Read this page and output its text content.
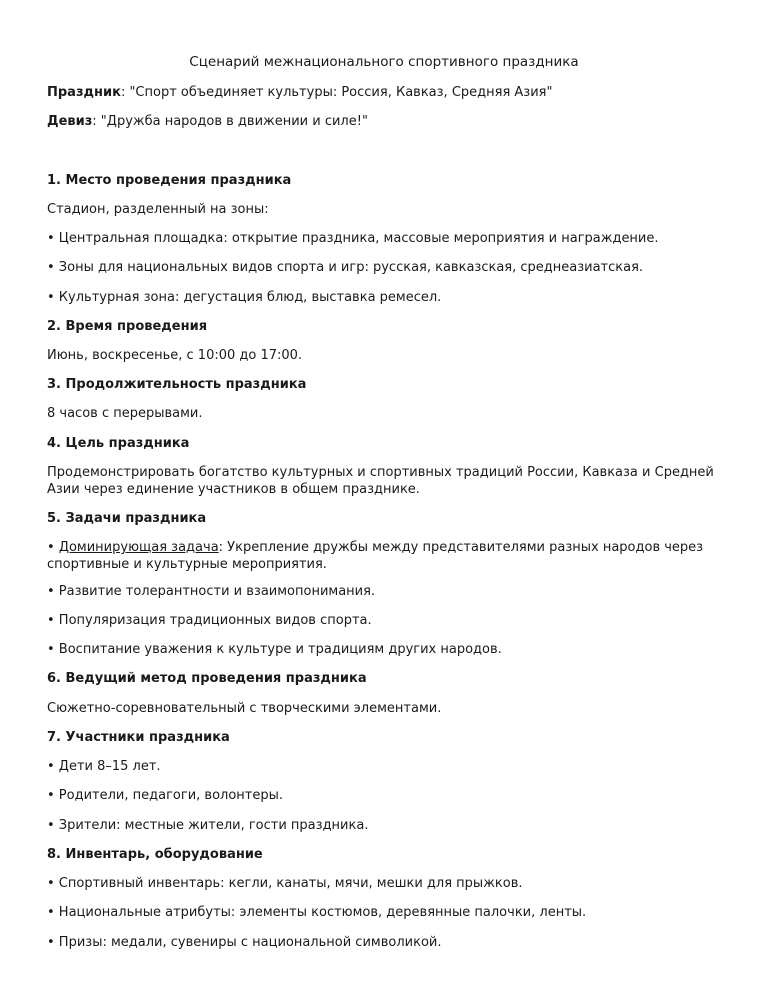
Сценарий межнационального спортивного праздника
Праздник: "Спорт объединяет культуры: Россия, Кавказ, Средняя Азия"
Девиз: "Дружба народов в движении и силе!"
1. Место проведения праздника
Стадион, разделенный на зоны:
• Центральная площадка: открытие праздника, массовые мероприятия и награждение.
• Зоны для национальных видов спорта и игр: русская, кавказская, среднеазиатская.
• Культурная зона: дегустация блюд, выставка ремесел.
2. Время проведения
Июнь, воскресенье, с 10:00 до 17:00.
3. Продолжительность праздника
8 часов с перерывами.
4. Цель праздника
Продемонстрировать богатство культурных и спортивных традиций России, Кавказа и Средней Азии через единение участников в общем празднике.
5. Задачи праздника
• Доминирующая задача: Укрепление дружбы между представителями разных народов через спортивные и культурные мероприятия.
• Развитие толерантности и взаимопонимания.
• Популяризация традиционных видов спорта.
• Воспитание уважения к культуре и традициям других народов.
6. Ведущий метод проведения праздника
Сюжетно-соревновательный с творческими элементами.
7. Участники праздника
• Дети 8–15 лет.
• Родители, педагоги, волонтеры.
• Зрители: местные жители, гости праздника.
8. Инвентарь, оборудование
• Спортивный инвентарь: кегли, канаты, мячи, мешки для прыжков.
• Национальные атрибуты: элементы костюмов, деревянные палочки, ленты.
• Призы: медали, сувениры с национальной символикой.
